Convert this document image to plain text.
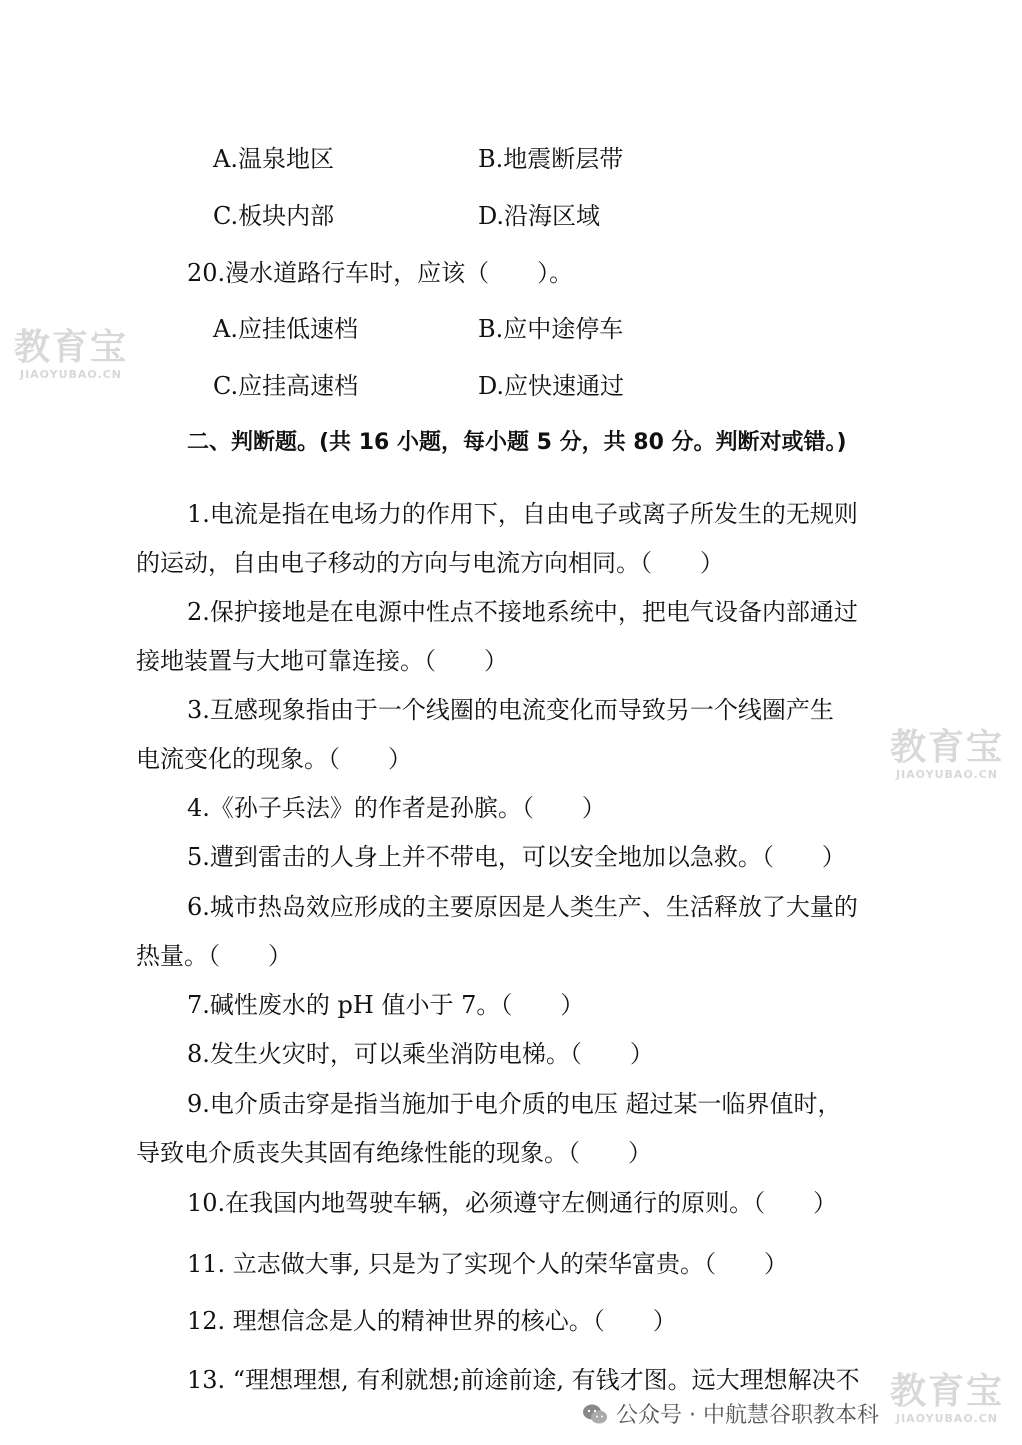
A.温泉地区	B.地震断层带
C.板块内部	D.沿海区域
20.漫水道路行车时，应该（　　）。
A.应挂低速档	B.应中途停车
C.应挂高速档	D.应快速通过
二、判断题。(共 16 小题，每小题 5 分，共 80 分。判断对或错。)
1.电流是指在电场力的作用下，自由电子或离子所发生的无规则
的运动，自由电子移动的方向与电流方向相同。（　　）
2.保护接地是在电源中性点不接地系统中，把电气设备内部通过
接地装置与大地可靠连接。（　　）
3.互感现象指由于一个线圈的电流变化而导致另一个线圈产生
电流变化的现象。（　　）
4.《孙子兵法》的作者是孙膑。（　　）
5.遭到雷击的人身上并不带电，可以安全地加以急救。（　　）
6.城市热岛效应形成的主要原因是人类生产、生活释放了大量的
热量。（　　）
7.碱性废水的 pH 值小于 7。（　　）
8.发生火灾时，可以乘坐消防电梯。（　　）
9.电介质击穿是指当施加于电介质的电压 超过某一临界值时，
导致电介质丧失其固有绝缘性能的现象。（　　）
10.在我国内地驾驶车辆，必须遵守左侧通行的原则。（　　）
11. 立志做大事, 只是为了实现个人的荣华富贵。（　　）
12. 理想信念是人的精神世界的核心。（　　）
13. “理想理想, 有利就想;前途前途, 有钱才图。远大理想解决不
教育宝
JIAOYUBAO.CN
教育宝
JIAOYUBAO.CN
教育宝
JIAOYUBAO.CN
公众号 · 中航慧谷职教本科
